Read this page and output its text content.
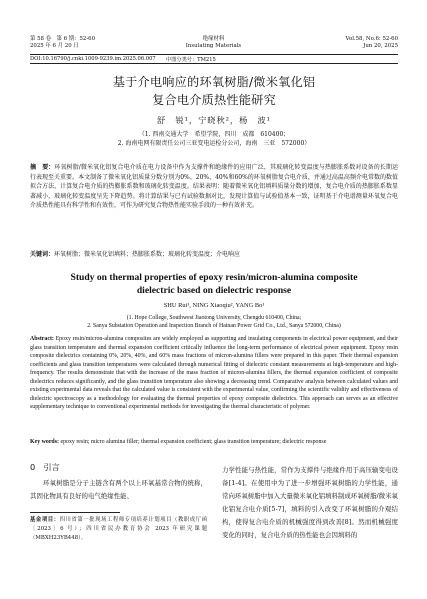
第 58 卷　第 6 期：52-60
2025 年 6 月 20 日
绝缘材料
Insulating Materials
Vol.58, No.6: 52-60
Jun 20, 2025
DOI:10.16790/j.cnki.1009-9239.im.2025.06.007 中图分类号：TM215
基于介电响应的环氧树脂/微米氧化铝
复合电介质热性能研究
舒　锐¹，宁晓秋²，杨　波¹
（1. 西南交通大学　希望学院，四川　成都　610400；
2. 海南电网有限责任公司三亚变电运检分公司，海南　三亚　572000）
摘　要：环氧树脂/微米氧化铝复合电介质在电力设备中作为支撑件和绝缘件的应用广泛，其玻璃化转变温度与热膨胀系数对设备的长期运行表现至关重要。本文制备了微米氧化铝质量分数分别为0%、20%、40%和60%的环氧树脂复合电介质，并通过高温高频介电常数的数值拟合方法，计算复合电介质的热膨胀系数和玻璃化转变温度。结果表明：随着微米氧化铝填料质量分数的增加，复合电介质的热膨胀系数显著减小，玻璃化转变温度呈先下降趋势。将计算结果与已有试验数据对比，发现计算值与试验值基本一致，证明基于介电谱测量环氧复合电介质热性能具有科学性和有效性，可作为研究复合物热性能实验手段的一种有效补充。
关键词：环氧树脂；微米氧化铝填料；热膨胀系数；玻璃化转变温度；介电响应
Study on thermal properties of epoxy resin/micron-alumina composite
dielectric based on dielectric response
SHU Rui¹, NING Xiaoqiu², YANG Bo¹
(1. Hope College, Southwest Jiaotong University, Chengdu 610400, China;
2. Sanya Substation Operation and Inspection Branch of Hainan Power Grid Co., Ltd., Sanya 572000, China)
Abstract: Epoxy resin/micron-alumina composites are widely employed as supporting and insulating components in electrical power equipment, and their glass transition temperature and thermal expansion coefficient critically influence the long-term performance of electrical power equipment. Epoxy resin composite dielectrics containing 0%, 20%, 40%, and 60% mass fractions of micron-alumina fillers were prepared in this paper. Their thermal expansion coefficients and glass transition temperatures were calculated through numerical fitting of dielectric constant measurements at high-temperature and high-frequency. The results demonstrate that with the increase of the mass fraction of micron-alumina fillers, the thermal expansion coefficient of composite dielectrics reduces significantly, and the glass transition temperature also showing a decreasing trend. Comparative analysis between calculated values and existing experimental data reveals that the calculated value is consistent with the experimental value, confirming the scientific validity and effectiveness of dielectric spectroscopy as a methodology for evaluating the thermal properties of epoxy composite dielectrics. This approach can serves as an effective supplementary technique to conventional experimental methods for investigating the thermal characteristic of polymer.
Key words: epoxy resin; micro alumina filler; thermal expansion coefficient; glass transition temperature; dielectric response
0　引言
环氧树脂是分子主链含有两个以上环氧基常合物的统称，其固化物具有良好的电气绝缘性能、
力学性能与热性能，常作为支撑件与绝缘件用于高压输变电设备[1-4]。在使用中为了进一步增强环氧树脂的力学性能，通常向环氧树脂中加入大量微米氧化铝填料制成环氧树脂/微米氧化铝复合电介质[5-7]，填料的引入改变了环氧树脂的介观结构，使得复合电介质的机械强度得到改善[8]。然而机械强度变化的同时，复合电介质的热性能也会因填料的
基金项目：四川省第一批现场工程师专项培养计划项目（教职成厅函〔2023〕6 号）；四川省民办教育协会 2023 年研究课题（MBXH23YB448）。
